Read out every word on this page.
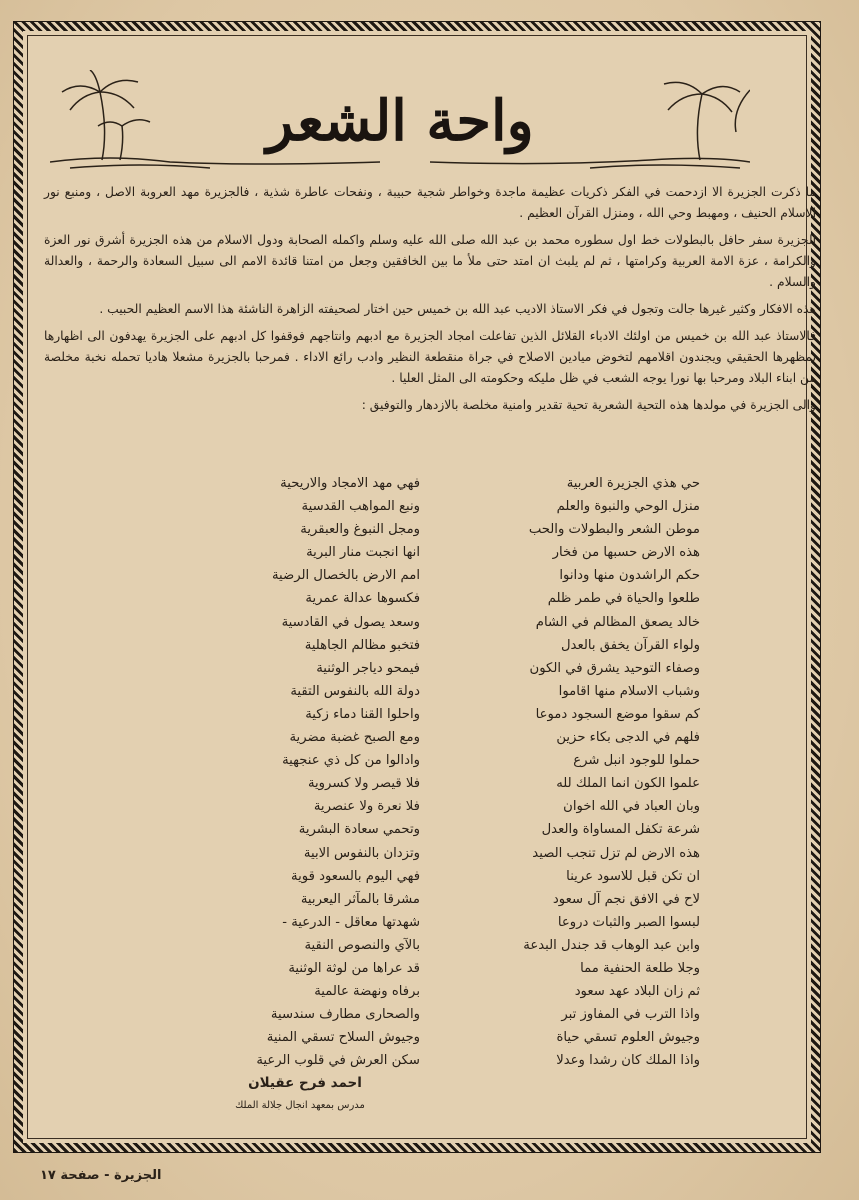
واحة الشعر

ما ذكرت الجزيرة الا ازدحمت في الفكر ذكريات عظيمة ماجدة وخواطر شجية حبيبة ، ونفحات عاطرة شذية ، فالجزيرة مهد العروبة الاصل ، ومنبع نور الاسلام الحنيف ، ومهبط وحي الله ، ومنزل القرآن العظيم .

الجزيرة سفر حافل بالبطولات خط اول سطوره محمد بن عبد الله صلى الله عليه وسلم واكمله الصحابة ودول الاسلام من هذه الجزيرة أشرق نور العزة والكرامة ، عزة الامة العربية وكرامتها ، ثم لم يلبث ان امتد حتى ملأ ما بين الخافقين وجعل من امتنا قائدة الامم الى سبيل السعادة والرحمة ، والعدالة والسلام .

هذه الافكار وكثير غيرها جالت وتجول في فكر الاستاذ الاديب عبد الله بن خميس حين اختار لصحيفته الزاهرة الناشئة هذا الاسم العظيم الحبيب .

فالاستاذ عبد الله بن خميس من اولئك الادباء القلائل الذين تفاعلت امجاد الجزيرة مع ادبهم وانتاجهم فوقفوا كل ادبهم على الجزيرة يهدفون الى اظهارها بمظهرها الحقيقي ويجندون اقلامهم لتخوض ميادين الاصلاح في جراة منقطعة النظير وادب رائع الاداء . فمرحبا بالجزيرة مشعلا هاديا تحمله نخبة مخلصة من ابناء البلاد ومرحبا بها نورا يوجه الشعب في ظل مليكه وحكومته الى المثل العليا .

والى الجزيرة في مولدها هذه التحية الشعرية تحية تقدير وامنية مخلصة بالازدهار والتوفيق :

حي هذي الجزيرة العربية
فهي مهد الامجاد والاريحية
منزل الوحي والنبوة والعلم
ونبع المواهب القدسية
موطن الشعر والبطولات والحب
ومجل النبوغ والعبقرية
هذه الارض حسبها من فخار
انها انجبت منار البرية
حكم الراشدون منها ودانوا
امم الارض بالخصال الرضية
طلعوا والحياة في طمر ظلم
فكسوها عدالة عمرية
خالد يصعق المظالم في الشام
وسعد يصول في القادسية
ولواء القرآن يخفق بالعدل
فتخبو مظالم الجاهلية
وصفاء التوحيد يشرق في الكون
فيمحو دياجر الوثنية
وشباب الاسلام منها اقاموا
دولة الله بالنفوس التقية
كم سقوا موضع السجود دموعا
واحلوا القنا دماء زكية
فلهم في الدجى بكاء حزين
ومع الصبح غضبة مضرية
حملوا للوجود انبل شرع
وادالوا من كل ذي عنجهية
علموا الكون انما الملك لله
فلا قيصر ولا كسروية
وبان العباد في الله اخوان
فلا نعرة ولا عنصرية
شرعة تكفل المساواة والعدل
وتحمي سعادة البشرية
هذه الارض لم تزل تنجب الصيد
وتزدان بالنفوس الابية
ان تكن قبل للاسود عرينا
فهي اليوم بالسعود قوية
لاح في الافق نجم آل سعود
مشرقا بالمآثر اليعربية
لبسوا الصبر والثبات دروعا
شهدتها معاقل - الدرعية -
وابن عبد الوهاب قد جندل البدعة
بالآي والنصوص النقية
وجلا طلعة الحنفية مما
قد عراها من لوثة الوثنية
ثم زان البلاد عهد سعود
برفاه ونهضة عالمية
واذا الترب في المفاوز تبر
والصحارى مطارف سندسية
وجيوش العلوم تسقي حياة
وجيوش السلاح تسقي المنية
واذا الملك كان رشدا وعدلا
سكن العرش في قلوب الرعية
احمد فرح عقيلان
مدرس بمعهد انجال جلالة الملك
الجزيرة - صفحة ١٧
